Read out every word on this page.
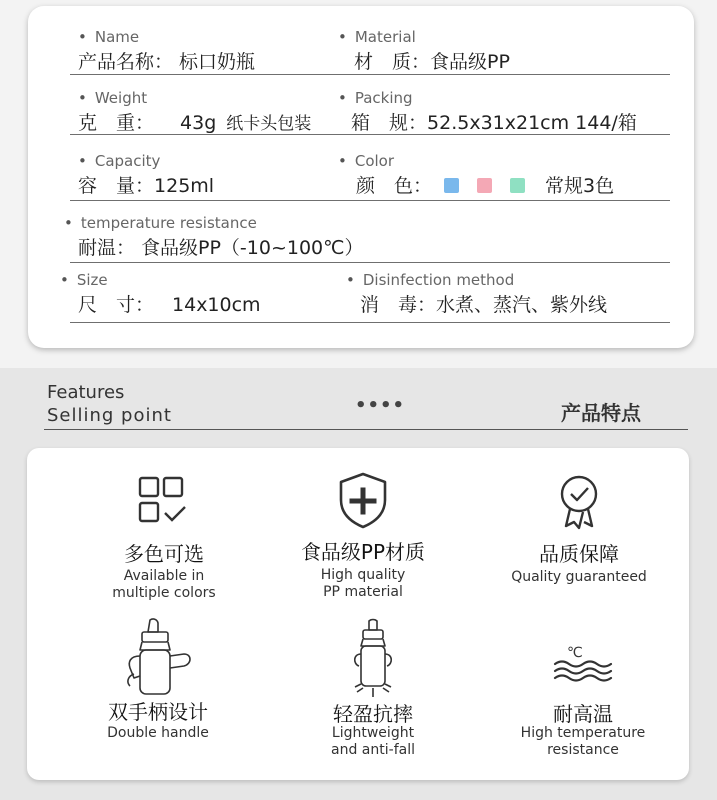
• Name
产品名称： 标口奶瓶
• Material
材　质：食品级PP
• Weight
克　重： 43g 纸卡头包装
• Packing
箱　规：52.5x31x21cm 144/箱
• Capacity
容　量：125ml
• Color
颜　色：	常规3色
• temperature resistance
耐温： 食品级PP（-10~100℃）
• Size
尺　寸： 14x10cm
• Disinfection method
消　毒：水煮、蒸汽、紫外线
Features
Selling point	••••	产品特点
多色可选
Available in
multiple colors
食品级PP材质
High quality
PP material
品质保障
Quality guaranteed
双手柄设计
Double handle
轻盈抗摔
Lightweight
and anti-fall
℃
耐高温
High temperature
resistance
